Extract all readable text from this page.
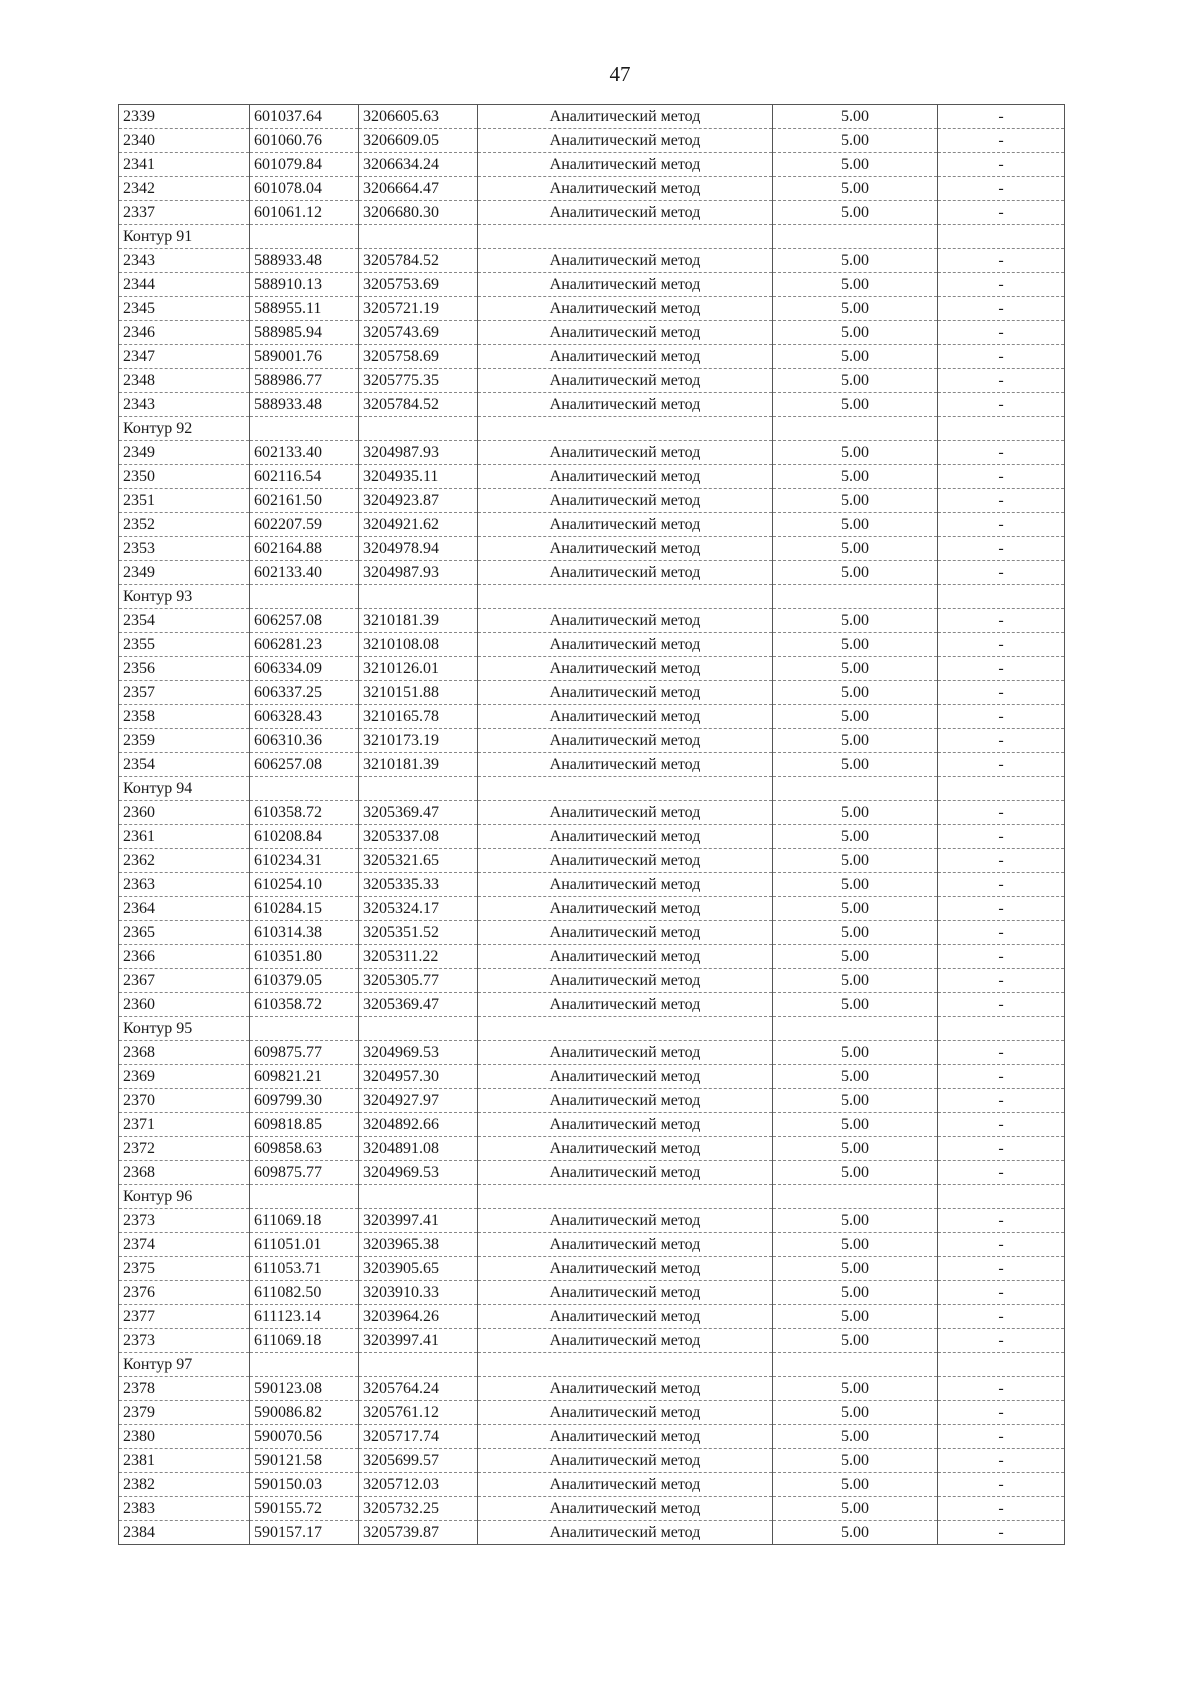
47
2339	601037.64	3206605.63	Аналитический метод	5.00	-
2340	601060.76	3206609.05	Аналитический метод	5.00	-
2341	601079.84	3206634.24	Аналитический метод	5.00	-
2342	601078.04	3206664.47	Аналитический метод	5.00	-
2337	601061.12	3206680.30	Аналитический метод	5.00	-
Контур 91					
2343	588933.48	3205784.52	Аналитический метод	5.00	-
2344	588910.13	3205753.69	Аналитический метод	5.00	-
2345	588955.11	3205721.19	Аналитический метод	5.00	-
2346	588985.94	3205743.69	Аналитический метод	5.00	-
2347	589001.76	3205758.69	Аналитический метод	5.00	-
2348	588986.77	3205775.35	Аналитический метод	5.00	-
2343	588933.48	3205784.52	Аналитический метод	5.00	-
Контур 92					
2349	602133.40	3204987.93	Аналитический метод	5.00	-
2350	602116.54	3204935.11	Аналитический метод	5.00	-
2351	602161.50	3204923.87	Аналитический метод	5.00	-
2352	602207.59	3204921.62	Аналитический метод	5.00	-
2353	602164.88	3204978.94	Аналитический метод	5.00	-
2349	602133.40	3204987.93	Аналитический метод	5.00	-
Контур 93					
2354	606257.08	3210181.39	Аналитический метод	5.00	-
2355	606281.23	3210108.08	Аналитический метод	5.00	-
2356	606334.09	3210126.01	Аналитический метод	5.00	-
2357	606337.25	3210151.88	Аналитический метод	5.00	-
2358	606328.43	3210165.78	Аналитический метод	5.00	-
2359	606310.36	3210173.19	Аналитический метод	5.00	-
2354	606257.08	3210181.39	Аналитический метод	5.00	-
Контур 94					
2360	610358.72	3205369.47	Аналитический метод	5.00	-
2361	610208.84	3205337.08	Аналитический метод	5.00	-
2362	610234.31	3205321.65	Аналитический метод	5.00	-
2363	610254.10	3205335.33	Аналитический метод	5.00	-
2364	610284.15	3205324.17	Аналитический метод	5.00	-
2365	610314.38	3205351.52	Аналитический метод	5.00	-
2366	610351.80	3205311.22	Аналитический метод	5.00	-
2367	610379.05	3205305.77	Аналитический метод	5.00	-
2360	610358.72	3205369.47	Аналитический метод	5.00	-
Контур 95					
2368	609875.77	3204969.53	Аналитический метод	5.00	-
2369	609821.21	3204957.30	Аналитический метод	5.00	-
2370	609799.30	3204927.97	Аналитический метод	5.00	-
2371	609818.85	3204892.66	Аналитический метод	5.00	-
2372	609858.63	3204891.08	Аналитический метод	5.00	-
2368	609875.77	3204969.53	Аналитический метод	5.00	-
Контур 96					
2373	611069.18	3203997.41	Аналитический метод	5.00	-
2374	611051.01	3203965.38	Аналитический метод	5.00	-
2375	611053.71	3203905.65	Аналитический метод	5.00	-
2376	611082.50	3203910.33	Аналитический метод	5.00	-
2377	611123.14	3203964.26	Аналитический метод	5.00	-
2373	611069.18	3203997.41	Аналитический метод	5.00	-
Контур 97					
2378	590123.08	3205764.24	Аналитический метод	5.00	-
2379	590086.82	3205761.12	Аналитический метод	5.00	-
2380	590070.56	3205717.74	Аналитический метод	5.00	-
2381	590121.58	3205699.57	Аналитический метод	5.00	-
2382	590150.03	3205712.03	Аналитический метод	5.00	-
2383	590155.72	3205732.25	Аналитический метод	5.00	-
2384	590157.17	3205739.87	Аналитический метод	5.00	-
